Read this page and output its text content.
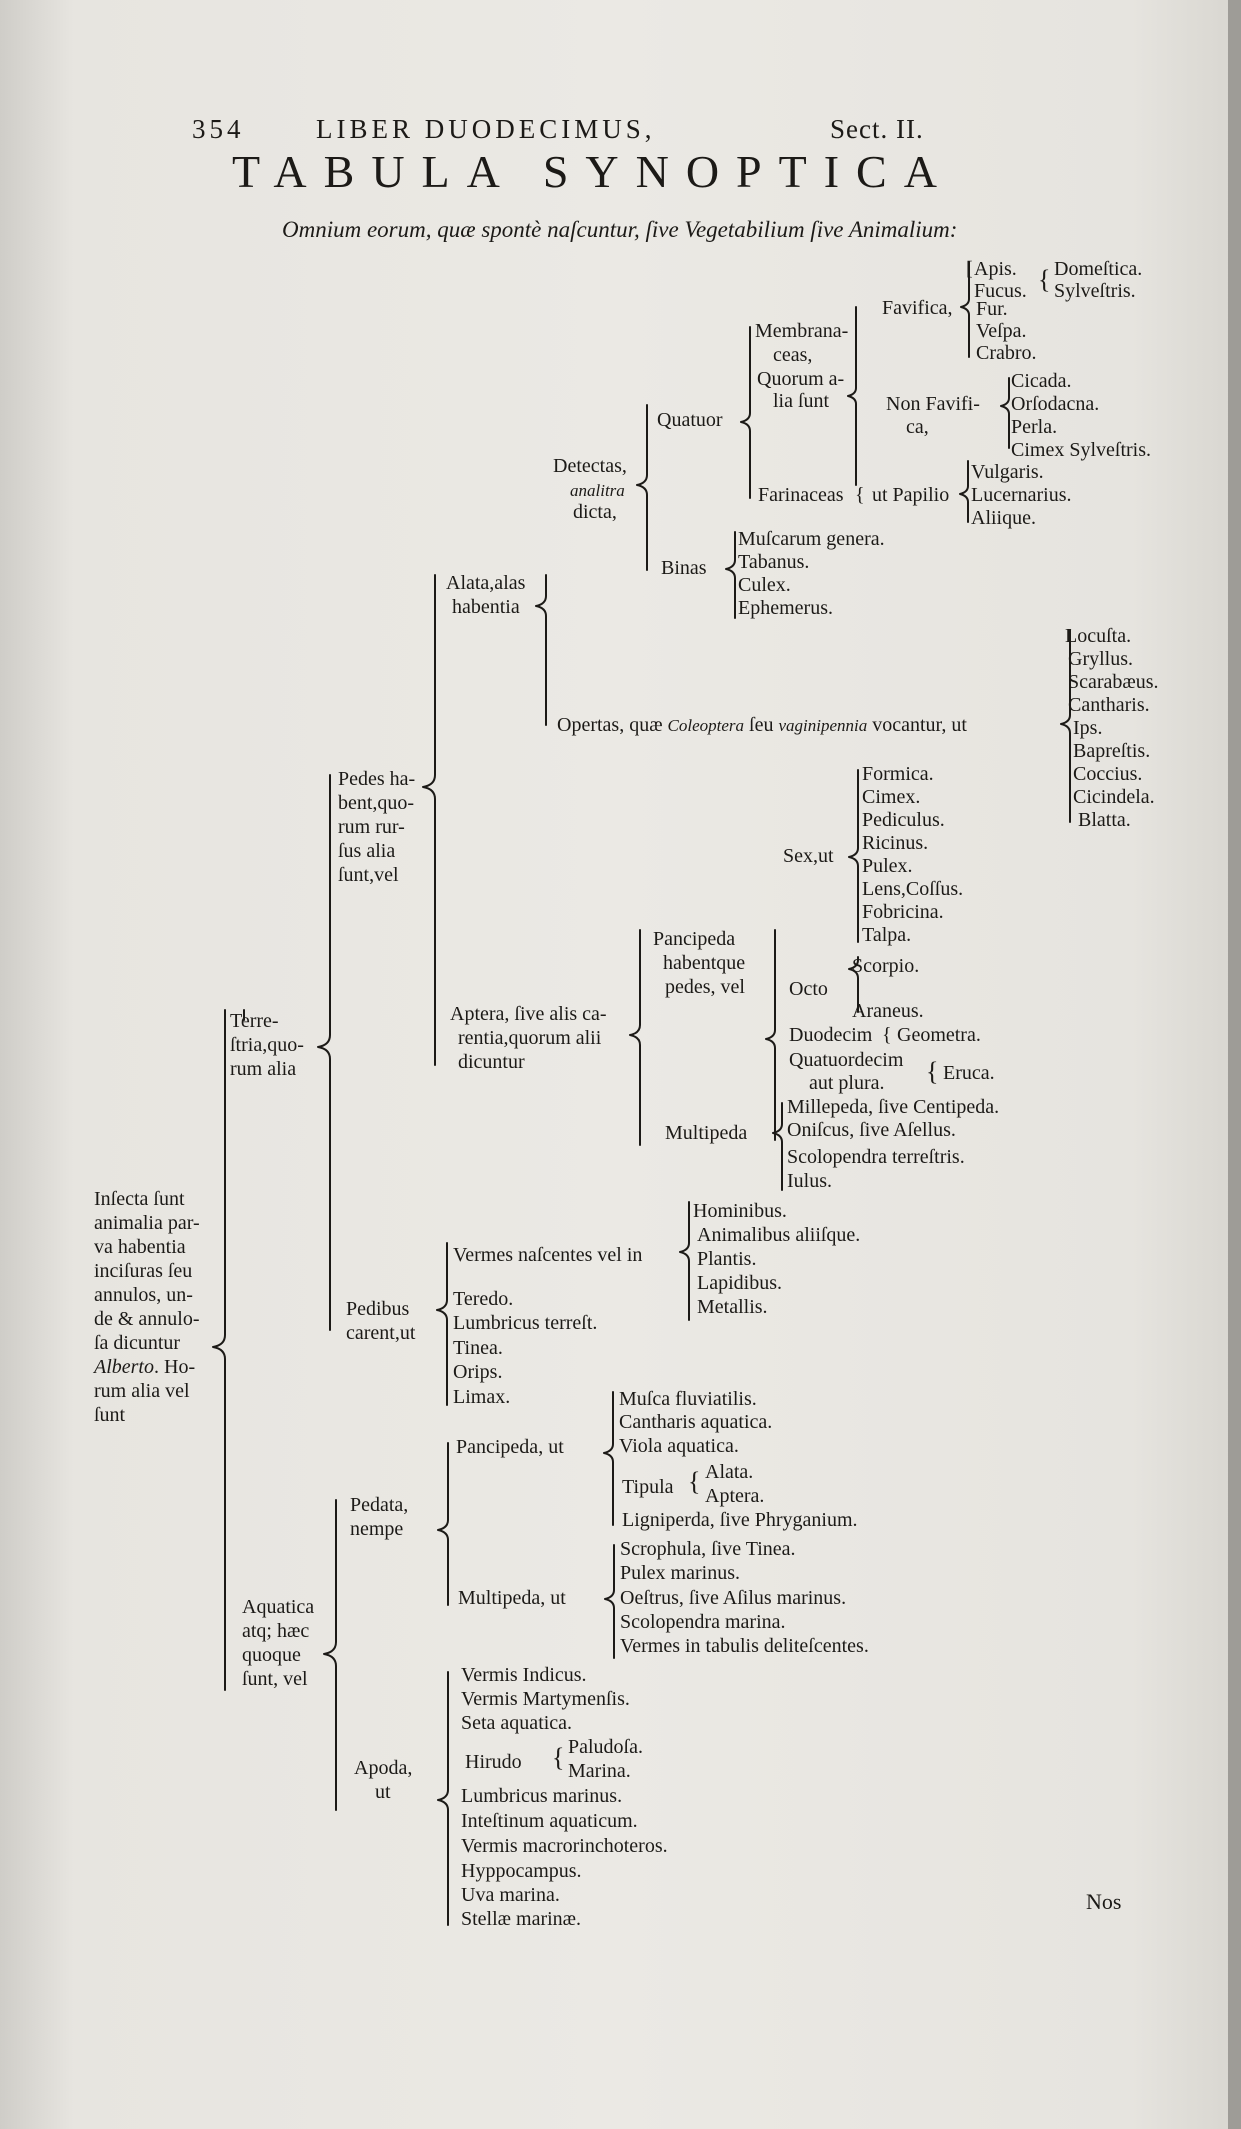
354	LIBER DUODECIMUS,	Sect. II.
TABULA SYNOPTICA
Omnium eorum, quæ spontè naſcuntur, ſive Vegetabilium ſive Animalium:
Inſecta ſunt
animalia par-
va habentia
inciſuras ſeu
annulos, un-
de & annulo-
ſa dicuntur
Alberto. Ho-
rum alia vel
ſunt
Terre-
ſtria,quo-
rum alia
Aquatica
atq; hæc
quoque
ſunt, vel
Pedes ha-
bent,quo-
rum rur-
ſus alia
ſunt,vel
Pedibus
carent,ut
Alata,alas
habentia
Aptera, ſive alis ca-
rentia,quorum alii
dicuntur
Detectas,
analitra
dicta,
Quatuor
Binas
Membrana-
ceas,
Quorum a-
lia ſunt
Favifica,
Non Favifi-
ca,
Farinaceas { ut Papilio
[ Apis.
Fucus. { Domeſtica.
Sylveſtris.
Fur.
Veſpa.
Crabro.
Cicada.
Orſodacna.
Perla.
Cimex Sylveſtris.
Vulgaris.
Lucernarius.
Aliique.
Muſcarum genera.
Tabanus.
Culex.
Ephemerus.
Opertas, quæ Coleoptera ſeu vaginipennia vocantur, ut
Locuſta.
Gryllus.
Scarabæus.
Cantharis.
Ips.
Bapreſtis.
Coccius.
Cicindela.
Blatta.
Pancipeda
habentque
pedes, vel
Multipeda
Sex,ut
Formica.
Cimex.
Pediculus.
Ricinus.
Pulex.
Lens,Coſſus.
Fobricina.
Talpa.
Octo
Scorpio.
Araneus.
Duodecim { Geometra.
Quatuordecim
aut plura. { Eruca.
Millepeda, ſive Centipeda.
Oniſcus, ſive Aſellus.
Scolopendra terreſtris.
Iulus.
Vermes naſcentes vel in
Hominibus.
Animalibus aliiſque.
Plantis.
Lapidibus.
Metallis.
Teredo.
Lumbricus terreſt.
Tinea.
Orips.
Limax.
Pedata,
nempe
Apoda,
ut
Pancipeda, ut
Multipeda, ut
Muſca fluviatilis.
Cantharis aquatica.
Viola aquatica.
Tipula { Alata.
Aptera.
Ligniperda, ſive Phryganium.
Scrophula, ſive Tinea.
Pulex marinus.
Oeſtrus, ſive Aſilus marinus.
Scolopendra marina.
Vermes in tabulis deliteſcentes.
Vermis Indicus.
Vermis Martymenſis.
Seta aquatica.
Hirudo { Paludoſa.
Marina.
Lumbricus marinus.
Inteſtinum aquaticum.
Vermis macrorinchoteros.
Hyppocampus.
Uva marina.
Stellæ marinæ.
Nos
